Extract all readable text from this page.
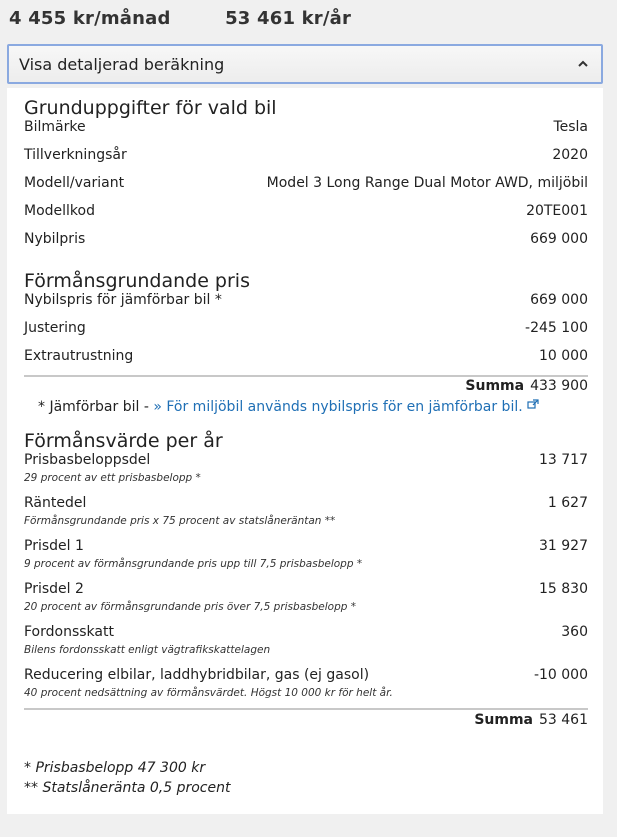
4 455 kr/månad	53 461 kr/år
Visa detaljerad beräkning
Grunduppgifter för vald bil
Bilmärke	Tesla
Tillverkningsår	2020
Modell/variant	Model 3 Long Range Dual Motor AWD, miljöbil
Modellkod	20TE001
Nybilpris	669 000
Förmånsgrundande pris
Nybilspris för jämförbar bil *	669 000
Justering	-245 100
Extrautrustning	10 000
Summa 433 900
* Jämförbar bil - » För miljöbil används nybilspris för en jämförbar bil.
Förmånsvärde per år
Prisbasbeloppsdel	13 717
29 procent av ett prisbasbelopp *
Räntedel	1 627
Förmånsgrundande pris x 75 procent av statslåneräntan **
Prisdel 1	31 927
9 procent av förmånsgrundande pris upp till 7,5 prisbasbelopp *
Prisdel 2	15 830
20 procent av förmånsgrundande pris över 7,5 prisbasbelopp *
Fordonsskatt	360
Bilens fordonsskatt enligt vägtrafikskattelagen
Reducering elbilar, laddhybridbilar, gas (ej gasol)	-10 000
40 procent nedsättning av förmånsvärdet. Högst 10 000 kr för helt år.
Summa 53 461
* Prisbasbelopp 47 300 kr
** Statslåneränta 0,5 procent
